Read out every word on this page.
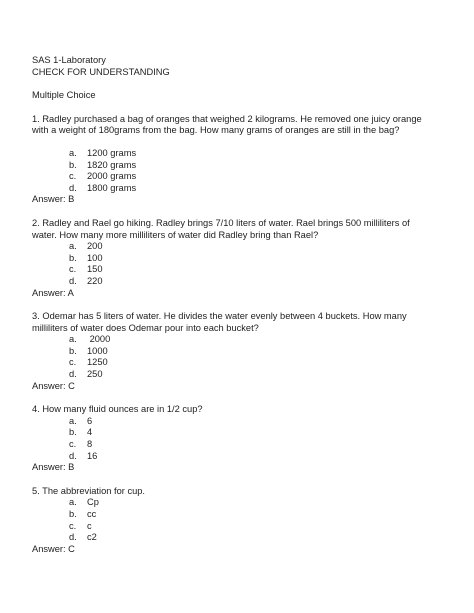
SAS 1-Laboratory
CHECK FOR UNDERSTANDING
Multiple Choice
1. Radley purchased a bag of oranges that weighed 2 kilograms. He removed one juicy orange
with a weight of 180grams from the bag. How many grams of oranges are still in the bag?
a.	1200 grams
b.	1820 grams
c.	2000 grams
d.	1800 grams
Answer: B
2. Radley and Rael go hiking. Radley brings 7/10 liters of water. Rael brings 500 milliliters of
water. How many more milliliters of water did Radley bring than Rael?
a.	200
b.	100
c.	150
d.	220
Answer: A
3. Odemar has 5 liters of water. He divides the water evenly between 4 buckets. How many
milliliters of water does Odemar pour into each bucket?
a.	2000
b.	1000
c.	1250
d.	250
Answer: C
4. How many fluid ounces are in 1/2 cup?
a.	6
b.	4
c.	8
d.	16
Answer: B
5. The abbreviation for cup.
a.	Cp
b.	cc
c.	c
d.	c2
Answer: C
